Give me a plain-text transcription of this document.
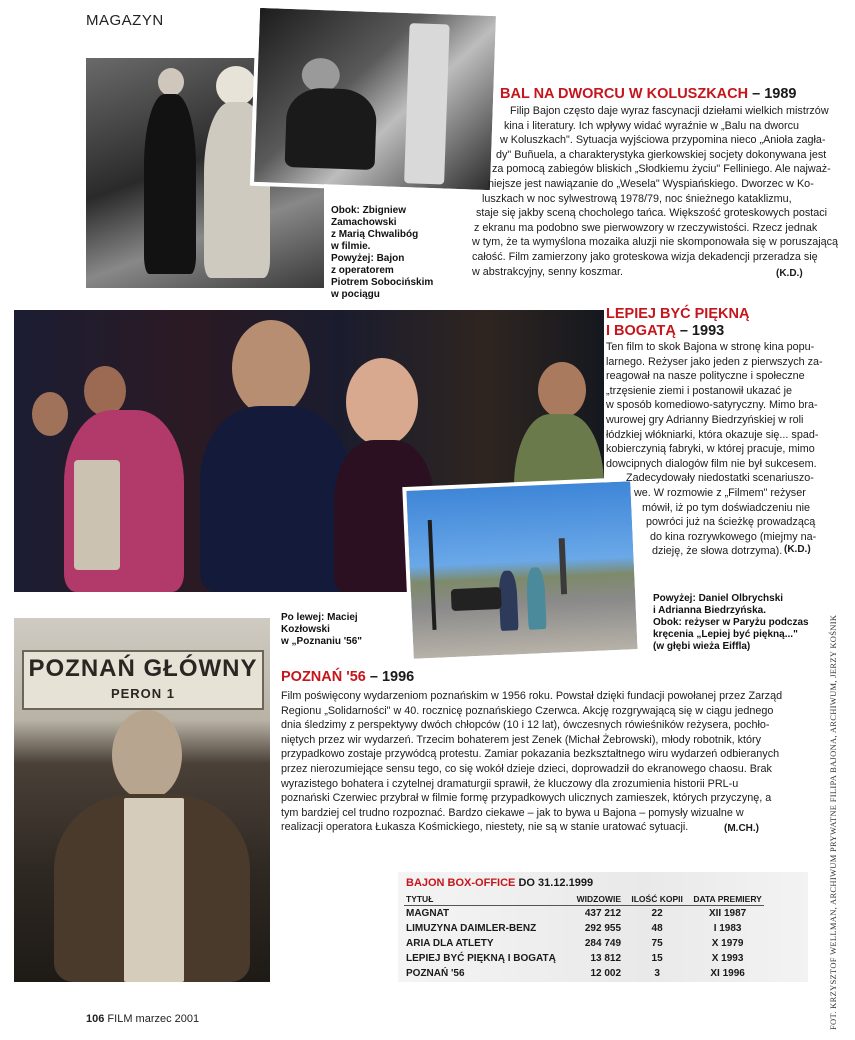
MAGAZYN
POZNAŃ GŁÓWNY
PERON 1
Obok: Zbigniew
Zamachowski
z Marią Chwalibóg
w filmie.
Powyżej: Bajon
z operatorem
Piotrem Sobocińskim
w pociągu
Powyżej: Daniel Olbrychski
i Adrianna Biedrzyńska.
Obok: reżyser w Paryżu podczas
kręcenia „Lepiej być piękną..."
(w głębi wieża Eiffla)
Po lewej: Maciej
Kozłowski
w „Poznaniu '56"
BAL NA DWORCU W KOLUSZKACH – 1989
Filip Bajon często daje wyraz fascynacji dziełami wielkich mistrzów
kina i literatury. Ich wpływy widać wyraźnie w „Balu na dworcu
w Koluszkach". Sytuacja wyjściowa przypomina nieco „Anioła zagła-
dy" Buñuela, a charakterystyka gierkowskiej socjety dokonywana jest
za pomocą zabiegów bliskich „Słodkiemu życiu" Felliniego. Ale najważ-
niejsze jest nawiązanie do „Wesela" Wyspiańskiego. Dworzec w Ko-
luszkach w noc sylwestrową 1978/79, noc śnieżnego kataklizmu,
staje się jakby sceną chocholego tańca. Większość groteskowych postaci
z ekranu ma podobno swe pierwowzory w rzeczywistości. Rzecz jednak
w tym, że ta wymyślona mozaika aluzji nie skomponowała się w poruszającą
całość. Film zamierzony jako groteskowa wizja dekadencji przeradza się
w abstrakcyjny, senny koszmar.	(K.D.)
LEPIEJ BYĆ PIĘKNĄ
I BOGATĄ – 1993
Ten film to skok Bajona w stronę kina popu-
larnego. Reżyser jako jeden z pierwszych za-
reagował na nasze polityczne i społeczne
„trzęsienie ziemi i postanowił ukazać je
w sposób komediowo-satyryczny. Mimo bra-
wurowej gry Adrianny Biedrzyńskiej w roli
łódzkiej włókniarki, która okazuje się... spad-
kobierczynią fabryki, w której pracuje, mimo
dowcipnych dialogów film nie był sukcesem.
Zadecydowały niedostatki scenariuszo-
we. W rozmowie z „Filmem" reżyser
mówił, iż po tym doświadczeniu nie
powróci już na ścieżkę prowadzącą
do kina rozrywkowego (miejmy na-
dzieję, że słowa dotrzyma). (K.D.)
POZNAŃ '56 – 1996
Film poświęcony wydarzeniom poznańskim w 1956 roku. Powstał dzięki fundacji powołanej przez Zarząd
Regionu „Solidarności" w 40. rocznicę poznańskiego Czerwca. Akcję rozgrywającą się w ciągu jednego
dnia śledzimy z perspektywy dwóch chłopców (10 i 12 lat), ówczesnych rówieśników reżysera, pochło-
niętych przez wir wydarzeń. Trzecim bohaterem jest Zenek (Michał Żebrowski), młody robotnik, który
przypadkowo zostaje przywódcą protestu. Zamiar pokazania bezkształtnego wiru wydarzeń odbieranych
przez nierozumiejące sensu tego, co się wokół dzieje dzieci, doprowadził do ekranowego chaosu. Brak
wyrazistego bohatera i czytelnej dramaturgii sprawił, że kluczowy dla zrozumienia historii PRL-u
poznański Czerwiec przybrał w filmie formę przypadkowych ulicznych zamieszek, których przyczynę, a
tym bardziej cel trudno rozpoznać. Bardzo ciekawe – jak to bywa u Bajona – pomysły wizualne w
realizacji operatora Łukasza Kośmickiego, niestety, nie są w stanie uratować sytuacji.	(M.CH.)
BAJON BOX-OFFICE DO 31.12.1999
TYTUŁ	WIDZOWIE	ILOŚĆ KOPII	DATA PREMIERY
MAGNAT	437 212	22	XII 1987
LIMUZYNA DAIMLER-BENZ	292 955	48	I 1983
ARIA DLA ATLETY	284 749	75	X 1979
LEPIEJ BYĆ PIĘKNĄ I BOGATĄ	13 812	15	X 1993
POZNAŃ '56	12 002	3	XI 1996
106 FILM marzec 2001	FOT. KRZYSZTOF WELLMAN, ARCHIWUM PRYWATNE FILIPA BAJONA, ARCHIWUM, JERZY KOŚNIK
